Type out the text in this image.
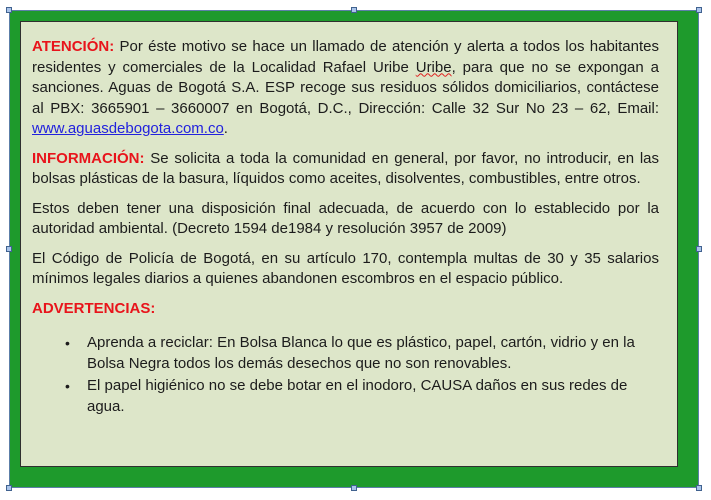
ATENCIÓN: Por éste motivo se hace un llamado de atención y alerta a todos los habitantes residentes y comerciales de la Localidad Rafael Uribe Uribe, para que no se expongan a sanciones. Aguas de Bogotá S.A. ESP recoge sus residuos sólidos domiciliarios, contáctese al PBX: 3665901 – 3660007 en Bogotá, D.C., Dirección: Calle 32 Sur No 23 – 62, Email: www.aguasdebogota.com.co.

INFORMACIÓN: Se solicita a toda la comunidad en general, por favor, no introducir, en las bolsas plásticas de la basura, líquidos como aceites, disolventes, combustibles, entre otros.

Estos deben tener una disposición final adecuada, de acuerdo con lo establecido por la autoridad ambiental. (Decreto 1594 de1984 y resolución 3957 de 2009)

El Código de Policía de Bogotá, en su artículo 170, contempla multas de 30 y 35 salarios mínimos legales diarios a quienes abandonen escombros en el espacio público.

ADVERTENCIAS:

• Aprenda a reciclar: En Bolsa Blanca lo que es plástico, papel, cartón, vidrio y en la Bolsa Negra todos los demás desechos que no son renovables.
• El papel higiénico no se debe botar en el inodoro, CAUSA daños en sus redes de agua.
